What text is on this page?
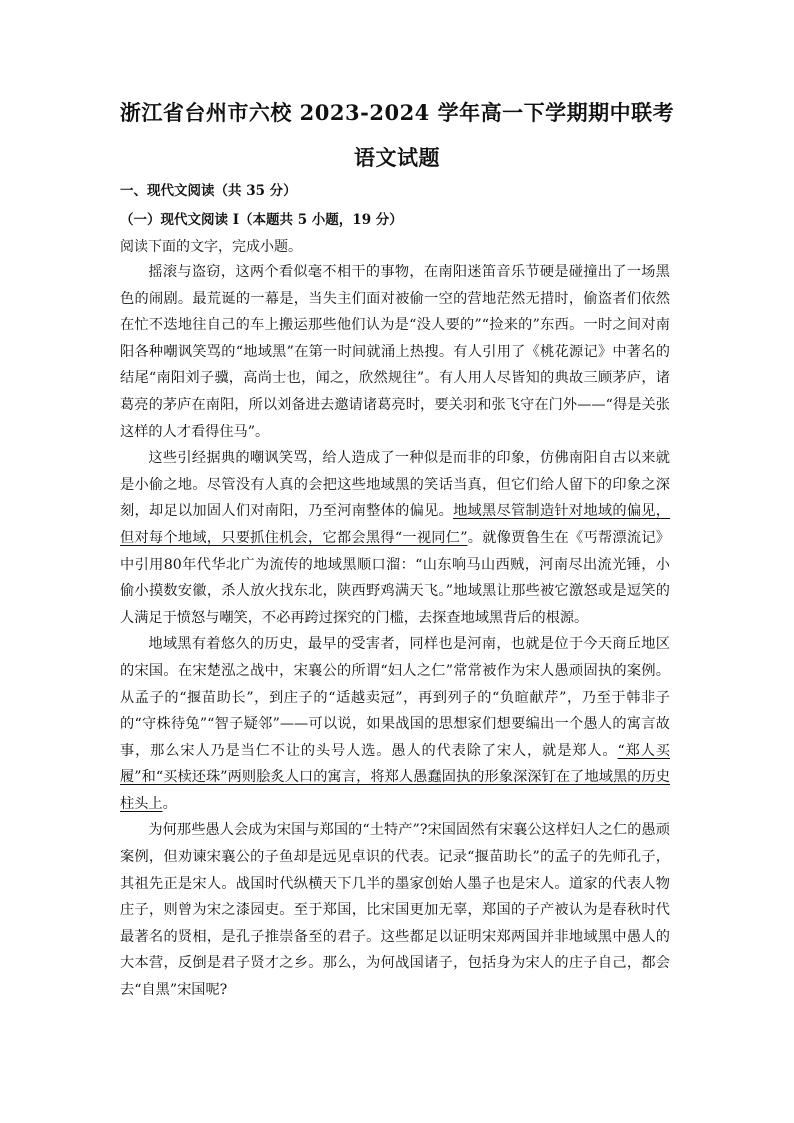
浙江省台州市六校 2023-2024 学年高一下学期期中联考
语文试题
一、现代文阅读（共 35 分）
（一）现代文阅读 I（本题共 5 小题，19 分）
阅读下面的文字，完成小题。

摇滚与盗窃，这两个看似毫不相干的事物，在南阳迷笛音乐节硬是碰撞出了一场黑色的闹剧。最荒诞的一幕是，当失主们面对被偷一空的营地茫然无措时，偷盗者们依然在忙不迭地往自己的车上搬运那些他们认为是“没人要的”“捡来的”东西。一时之间对南阳各种嘲讽笑骂的“地域黑”在第一时间就涌上热搜。有人引用了《桃花源记》中著名的结尾“南阳刘子骥，高尚士也，闻之，欣然规往”。有人用人尽皆知的典故三顾茅庐，诸葛亮的茅庐在南阳，所以刘备进去邀请诸葛亮时，要关羽和张飞守在门外——“得是关张这样的人才看得住马”。

这些引经据典的嘲讽笑骂，给人造成了一种似是而非的印象，仿佛南阳自古以来就是小偷之地。尽管没有人真的会把这些地域黑的笑话当真，但它们给人留下的印象之深刻，却足以加固人们对南阳，乃至河南整体的偏见。地域黑尽管制造针对地域的偏见，但对每个地域，只要抓住机会，它都会黑得“一视同仁”。就像贾鲁生在《丐帮漂流记》中引用80年代华北广为流传的地域黑顺口溜：“山东响马山西贼，河南尽出流光锤，小偷小摸数安徽，杀人放火找东北，陕西野鸡满天飞。”地域黑让那些被它激怒或是逗笑的人满足于愤怒与嘲笑，不必再跨过探究的门槛，去探查地域黑背后的根源。

地域黑有着悠久的历史，最早的受害者，同样也是河南，也就是位于今天商丘地区的宋国。在宋楚泓之战中，宋襄公的所谓“妇人之仁”常常被作为宋人愚顽固执的案例。从孟子的“揠苗助长”，到庄子的“适越卖冠”，再到列子的“负暄献芹”，乃至于韩非子的“守株待兔”“智子疑邻”——可以说，如果战国的思想家们想要编出一个愚人的寓言故事，那么宋人乃是当仁不让的头号人选。愚人的代表除了宋人，就是郑人。“郑人买履”和“买椟还珠”两则脍炙人口的寓言，将郑人愚蠢固执的形象深深钉在了地域黑的历史柱头上。

为何那些愚人会成为宋国与郑国的“土特产”?宋国固然有宋襄公这样妇人之仁的愚顽案例，但劝谏宋襄公的子鱼却是远见卓识的代表。记录“揠苗助长”的孟子的先师孔子，其祖先正是宋人。战国时代纵横天下几半的墨家创始人墨子也是宋人。道家的代表人物庄子，则曾为宋之漆园吏。至于郑国，比宋国更加无辜，郑国的子产被认为是春秋时代最著名的贤相，是孔子推崇备至的君子。这些都足以证明宋郑两国并非地域黑中愚人的大本营，反倒是君子贤才之乡。那么，为何战国诸子，包括身为宋人的庄子自己，都会去“自黑”宋国呢?
